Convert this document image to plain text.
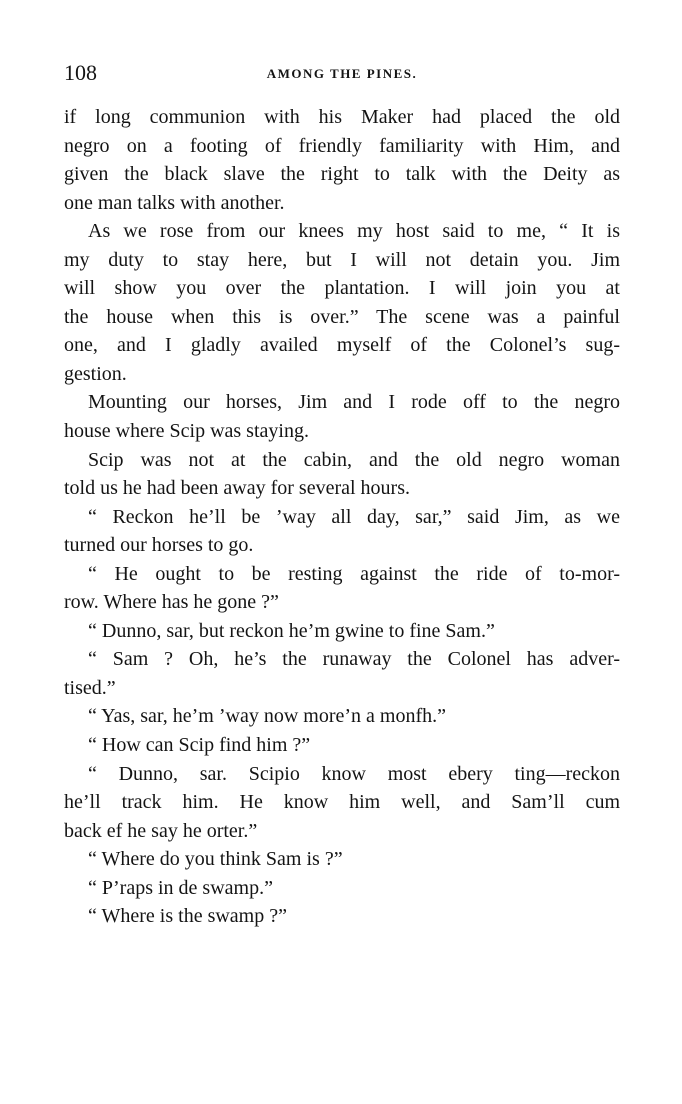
108	AMONG THE PINES.
if long communion with his Maker had placed the old
negro on a footing of friendly familiarity with Him, and
given the black slave the right to talk with the Deity as
one man talks with another.
As we rose from our knees my host said to me, “ It is
my duty to stay here, but I will not detain you. Jim
will show you over the plantation. I will join you at
the house when this is over.” The scene was a painful
one, and I gladly availed myself of the Colonel’s sug-
gestion.
Mounting our horses, Jim and I rode off to the negro
house where Scip was staying.
Scip was not at the cabin, and the old negro woman
told us he had been away for several hours.
“ Reckon he’ll be ’way all day, sar,” said Jim, as we
turned our horses to go.
“ He ought to be resting against the ride of to-mor-
row. Where has he gone ?”
“ Dunno, sar, but reckon he’m gwine to fine Sam.”
“ Sam ? Oh, he’s the runaway the Colonel has adver-
tised.”
“ Yas, sar, he’m ’way now more’n a monfh.”
“ How can Scip find him ?”
“ Dunno, sar. Scipio know most ebery ting—reckon
he’ll track him. He know him well, and Sam’ll cum
back ef he say he orter.”
“ Where do you think Sam is ?”
“ P’raps in de swamp.”
“ Where is the swamp ?”
